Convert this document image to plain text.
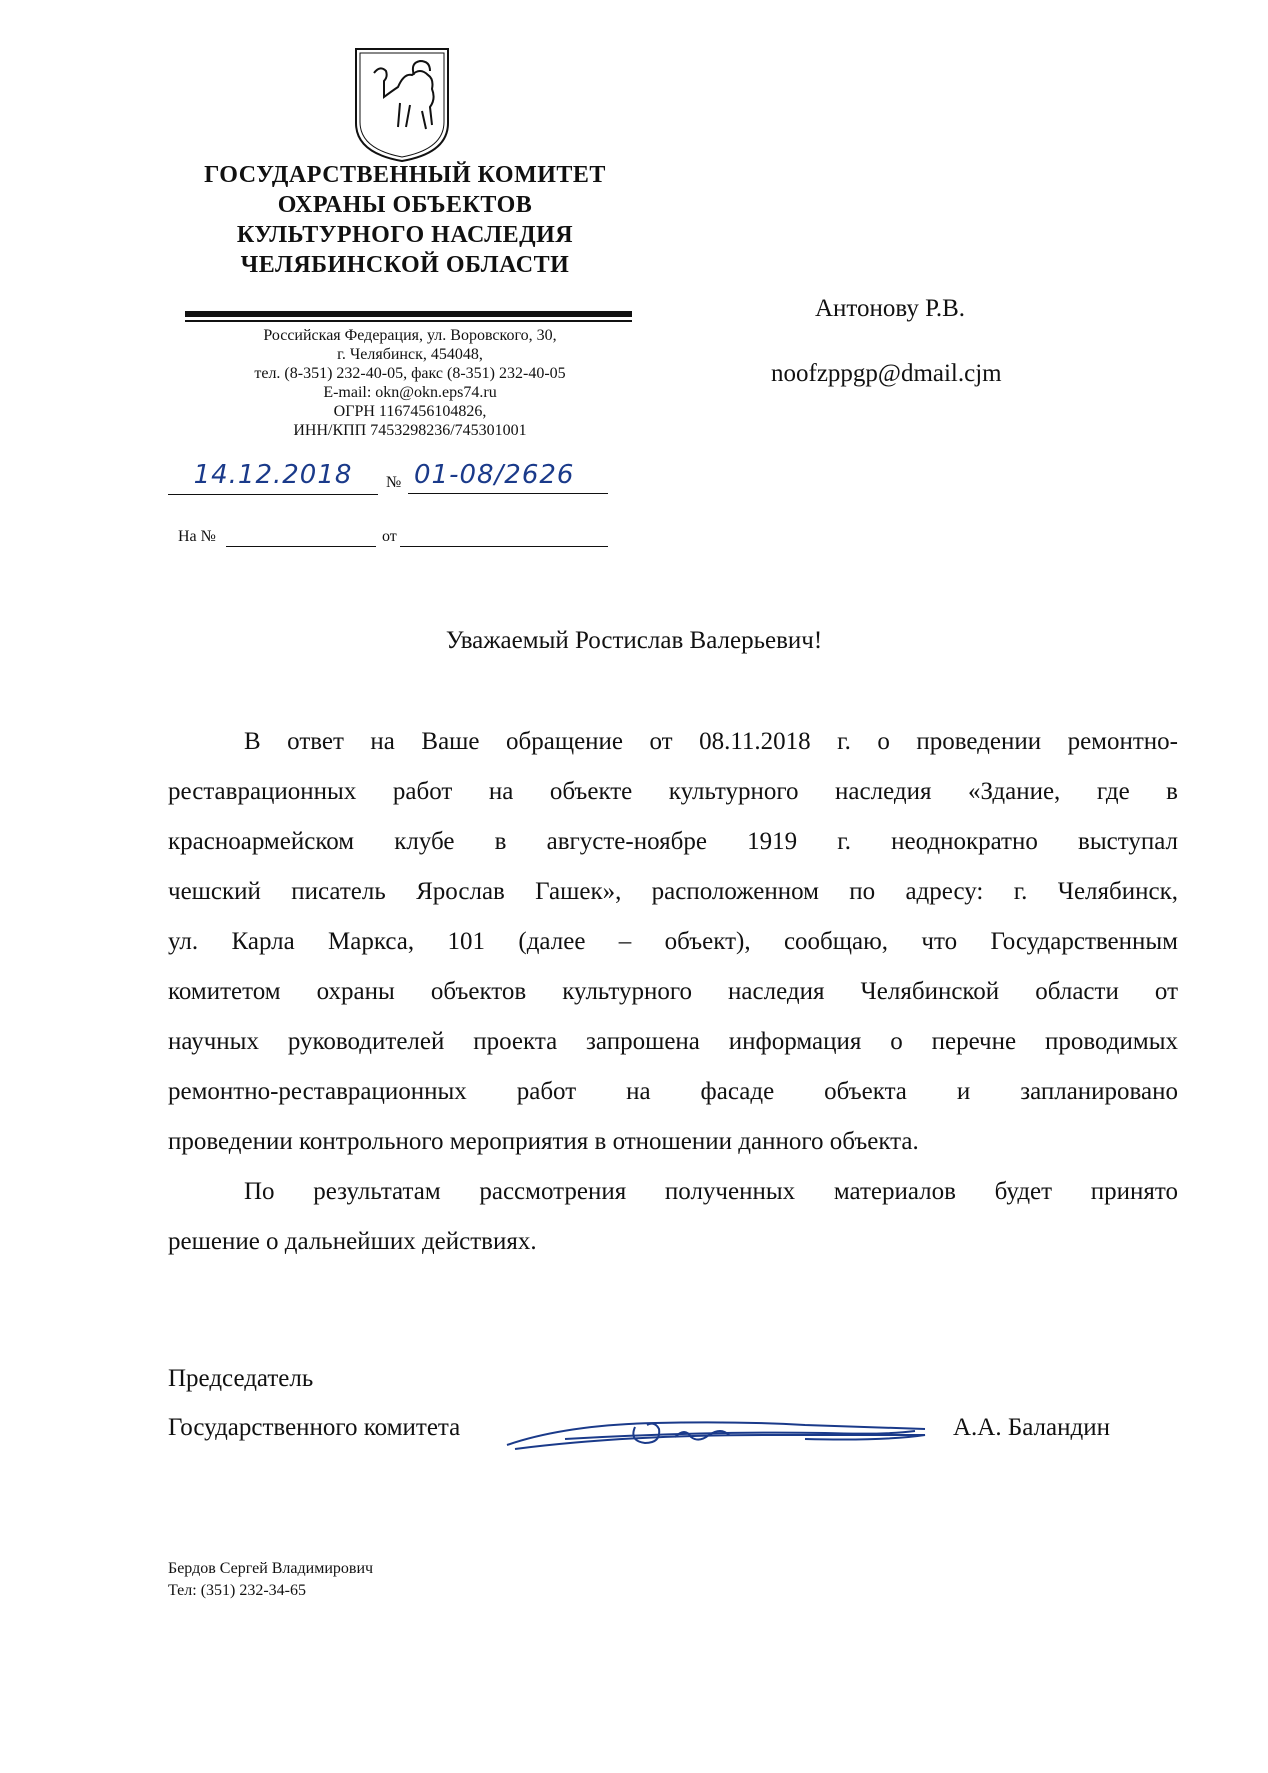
ГОСУДАРСТВЕННЫЙ КОМИТЕТ
ОХРАНЫ ОБЪЕКТОВ
КУЛЬТУРНОГО НАСЛЕДИЯ
ЧЕЛЯБИНСКОЙ ОБЛАСТИ
Российская Федерация, ул. Воровского, 30,
г. Челябинск, 454048,
тел. (8-351) 232-40-05, факс (8-351) 232-40-05
E-mail: okn@okn.eps74.ru
ОГРН 1167456104826,
ИНН/КПП 7453298236/745301001
14.12.2018	№ 01-08/2626
На №	от
Антонову Р.В.
noofzppgp@dmail.cjm
Уважаемый Ростислав Валерьевич!
В ответ на Ваше обращение от 08.11.2018 г. о проведении ремонтно-
реставрационных работ на объекте культурного наследия «Здание, где в
красноармейском клубе в августе-ноябре 1919 г. неоднократно выступал
чешский писатель Ярослав Гашек», расположенном по адресу: г. Челябинск,
ул. Карла Маркса, 101 (далее – объект), сообщаю, что Государственным
комитетом охраны объектов культурного наследия Челябинской области от
научных руководителей проекта запрошена информация о перечне проводимых
ремонтно-реставрационных работ на фасаде объекта и запланировано
проведении контрольного мероприятия в отношении данного объекта.
По результатам рассмотрения полученных материалов будет принято
решение о дальнейших действиях.
Председатель
Государственного комитета	А.А. Баландин
Бердов Сергей Владимирович
Тел: (351) 232-34-65
